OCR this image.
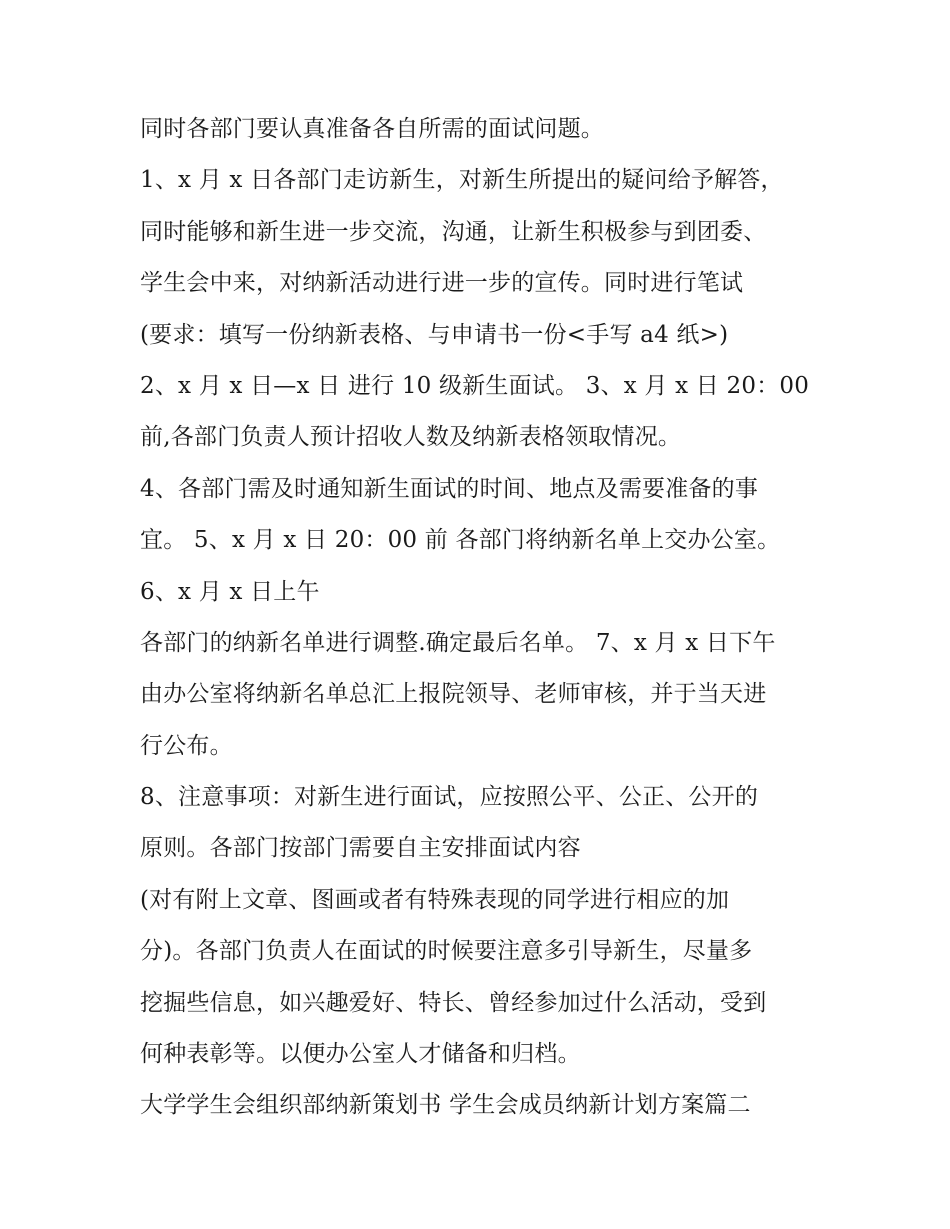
同时各部门要认真准备各自所需的面试问题。
1、x 月 x 日各部门走访新生，对新生所提出的疑问给予解答，
同时能够和新生进一步交流，沟通，让新生积极参与到团委、
学生会中来，对纳新活动进行进一步的宣传。同时进行笔试
(要求：填写一份纳新表格、与申请书一份<手写 a4 纸>)
2、x 月 x 日—x 日 进行 10 级新生面试。 3、x 月 x 日 20：00
前,各部门负责人预计招收人数及纳新表格领取情况。
4、各部门需及时通知新生面试的时间、地点及需要准备的事
宜。 5、x 月 x 日 20：00 前 各部门将纳新名单上交办公室。
6、x 月 x 日上午
各部门的纳新名单进行调整.确定最后名单。 7、x 月 x 日下午
由办公室将纳新名单总汇上报院领导、老师审核，并于当天进
行公布。
8、注意事项：对新生进行面试，应按照公平、公正、公开的
原则。各部门按部门需要自主安排面试内容
(对有附上文章、图画或者有特殊表现的同学进行相应的加
分)。各部门负责人在面试的时候要注意多引导新生，尽量多
挖掘些信息，如兴趣爱好、特长、曾经参加过什么活动，受到
何种表彰等。以便办公室人才储备和归档。
大学学生会组织部纳新策划书 学生会成员纳新计划方案篇二
